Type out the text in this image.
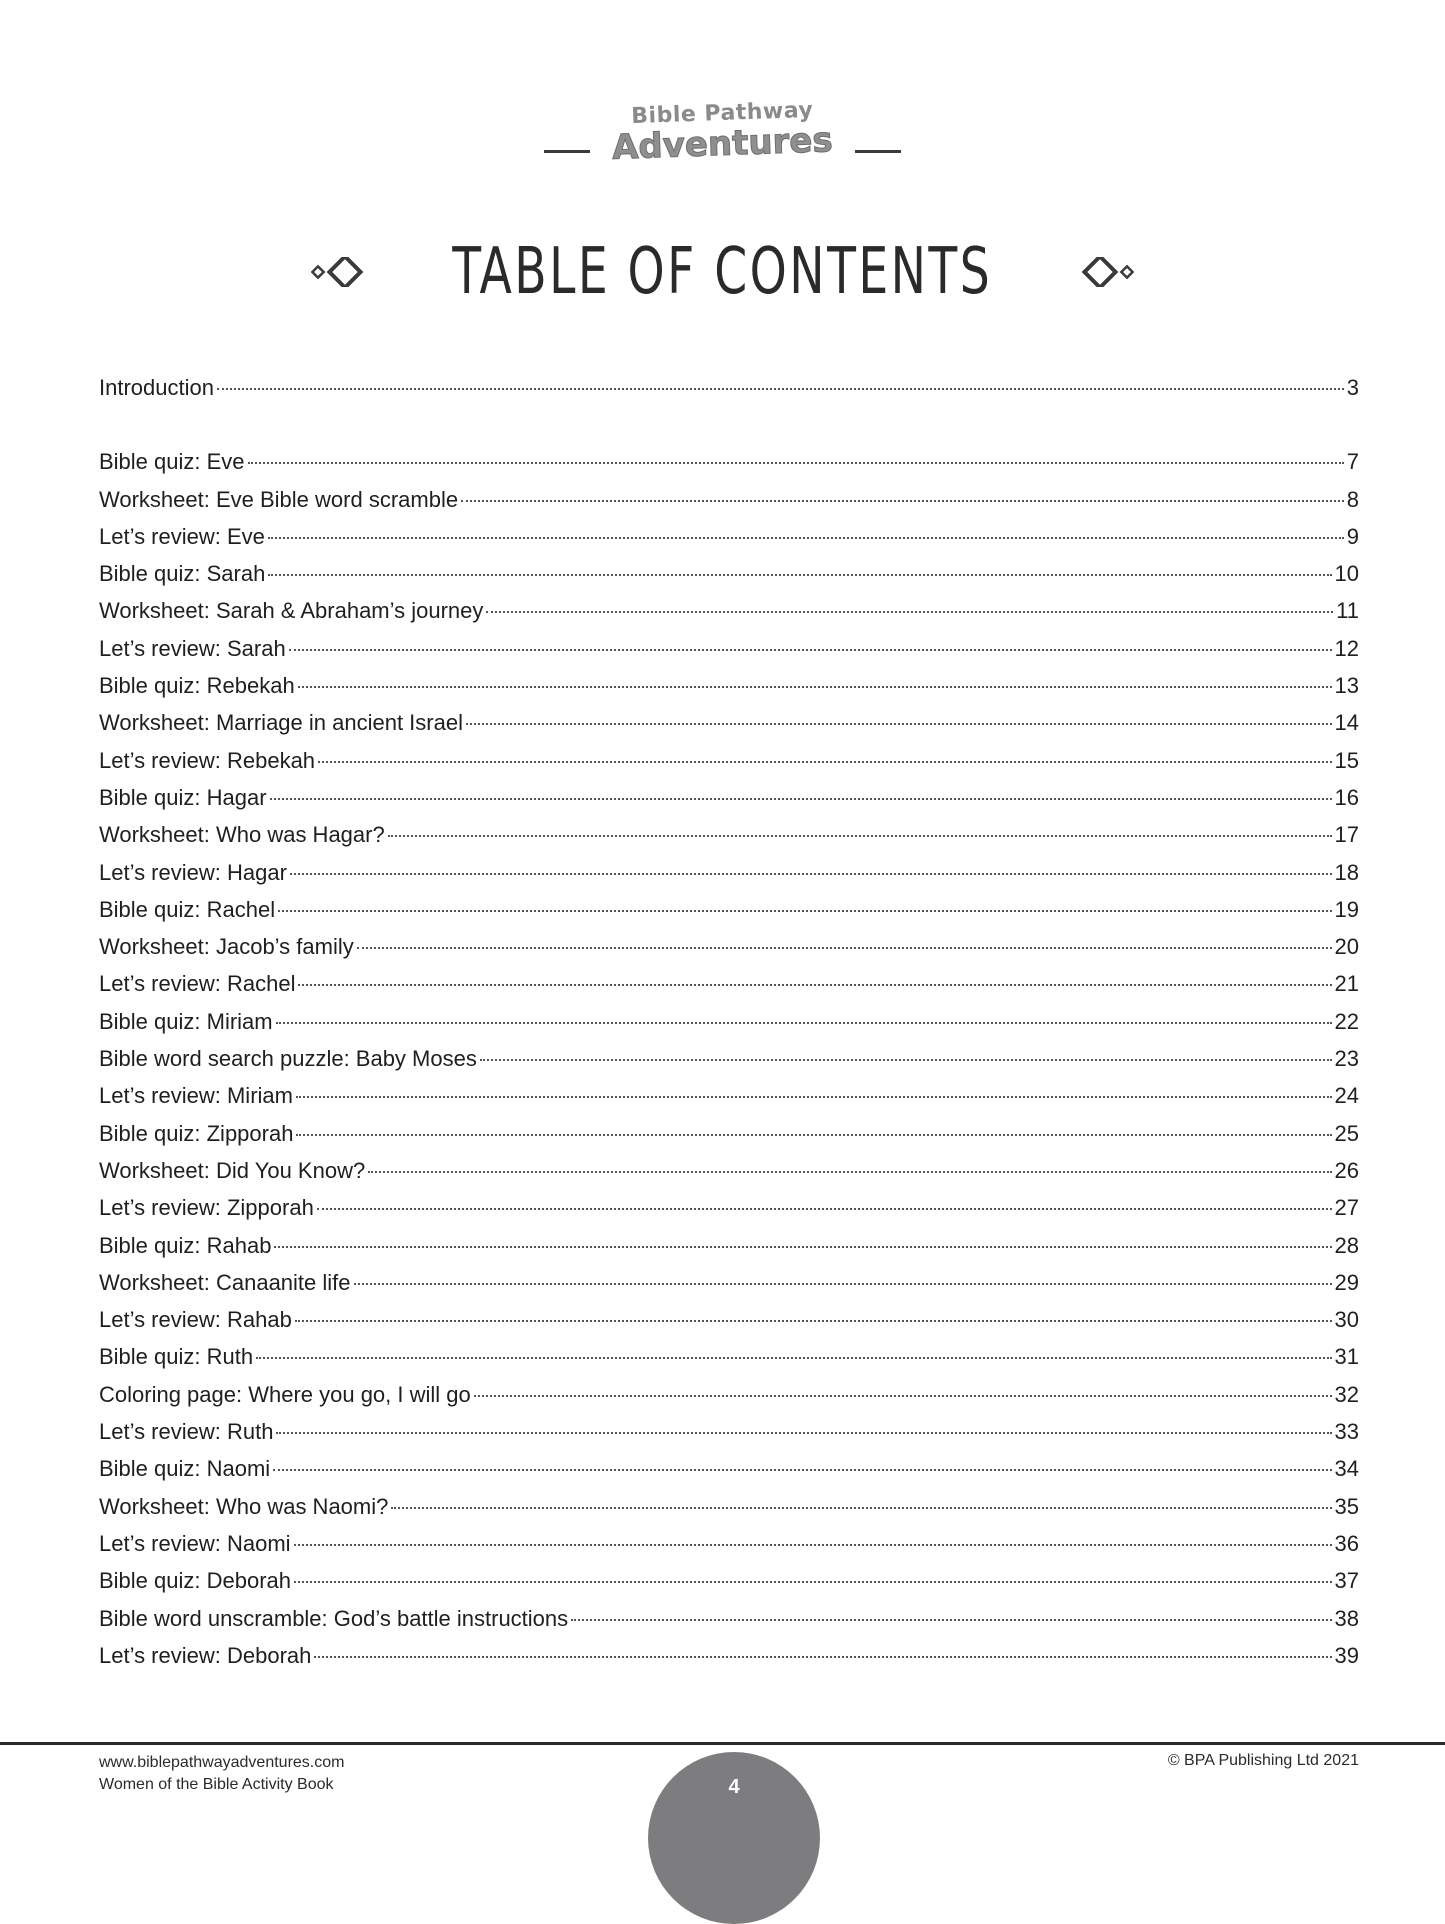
Bible Pathway
Adventures
TABLE OF CONTENTS
Introduction	3
Bible quiz: Eve	7
Worksheet: Eve Bible word scramble	8
Let’s review: Eve	9
Bible quiz: Sarah	10
Worksheet: Sarah & Abraham’s journey	11
Let’s review: Sarah	12
Bible quiz: Rebekah	13
Worksheet: Marriage in ancient Israel	14
Let’s review: Rebekah	15
Bible quiz: Hagar	16
Worksheet: Who was Hagar?	17
Let’s review: Hagar	18
Bible quiz: Rachel	19
Worksheet: Jacob’s family	20
Let’s review: Rachel	21
Bible quiz: Miriam	22
Bible word search puzzle: Baby Moses	23
Let’s review: Miriam	24
Bible quiz: Zipporah	25
Worksheet: Did You Know?	26
Let’s review: Zipporah	27
Bible quiz: Rahab	28
Worksheet: Canaanite life	29
Let’s review: Rahab	30
Bible quiz: Ruth	31
Coloring page: Where you go, I will go	32
Let’s review: Ruth	33
Bible quiz: Naomi	34
Worksheet: Who was Naomi?	35
Let’s review: Naomi	36
Bible quiz: Deborah	37
Bible word unscramble: God’s battle instructions	38
Let’s review: Deborah	39
www.biblepathwayadventures.com
Women of the Bible Activity Book	4
© BPA Publishing Ltd 2021
